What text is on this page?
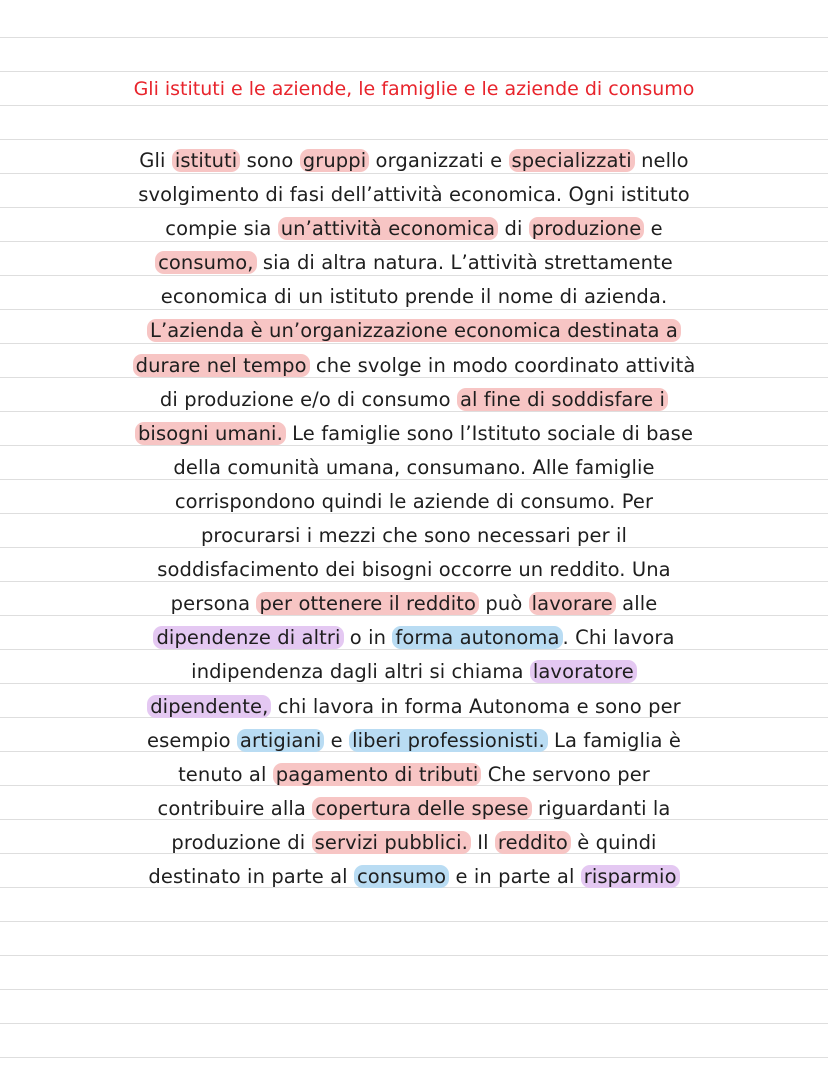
Gli istituti e le aziende, le famiglie e le aziende di consumo
Gli istituti sono gruppi organizzati e specializzati nello
svolgimento di fasi dell’attività economica. Ogni istituto
compie sia un’attività economica di produzione e
consumo, sia di altra natura. L’attività strettamente
economica di un istituto prende il nome di azienda.
L’azienda è un’organizzazione economica destinata a
durare nel tempo che svolge in modo coordinato attività
di produzione e/o di consumo al fine di soddisfare i
bisogni umani. Le famiglie sono l’Istituto sociale di base
della comunità umana, consumano. Alle famiglie
corrispondono quindi le aziende di consumo. Per
procurarsi i mezzi che sono necessari per il
soddisfacimento dei bisogni occorre un reddito. Una
persona per ottenere il reddito può lavorare alle
dipendenze di altri o in forma autonoma . Chi lavora
indipendenza dagli altri si chiama lavoratore
dipendente, chi lavora in forma Autonoma e sono per
esempio artigiani e liberi professionisti. La famiglia è
tenuto al pagamento di tributi Che servono per
contribuire alla copertura delle spese riguardanti la
produzione di servizi pubblici. Il reddito è quindi
destinato in parte al consumo e in parte al risparmio
